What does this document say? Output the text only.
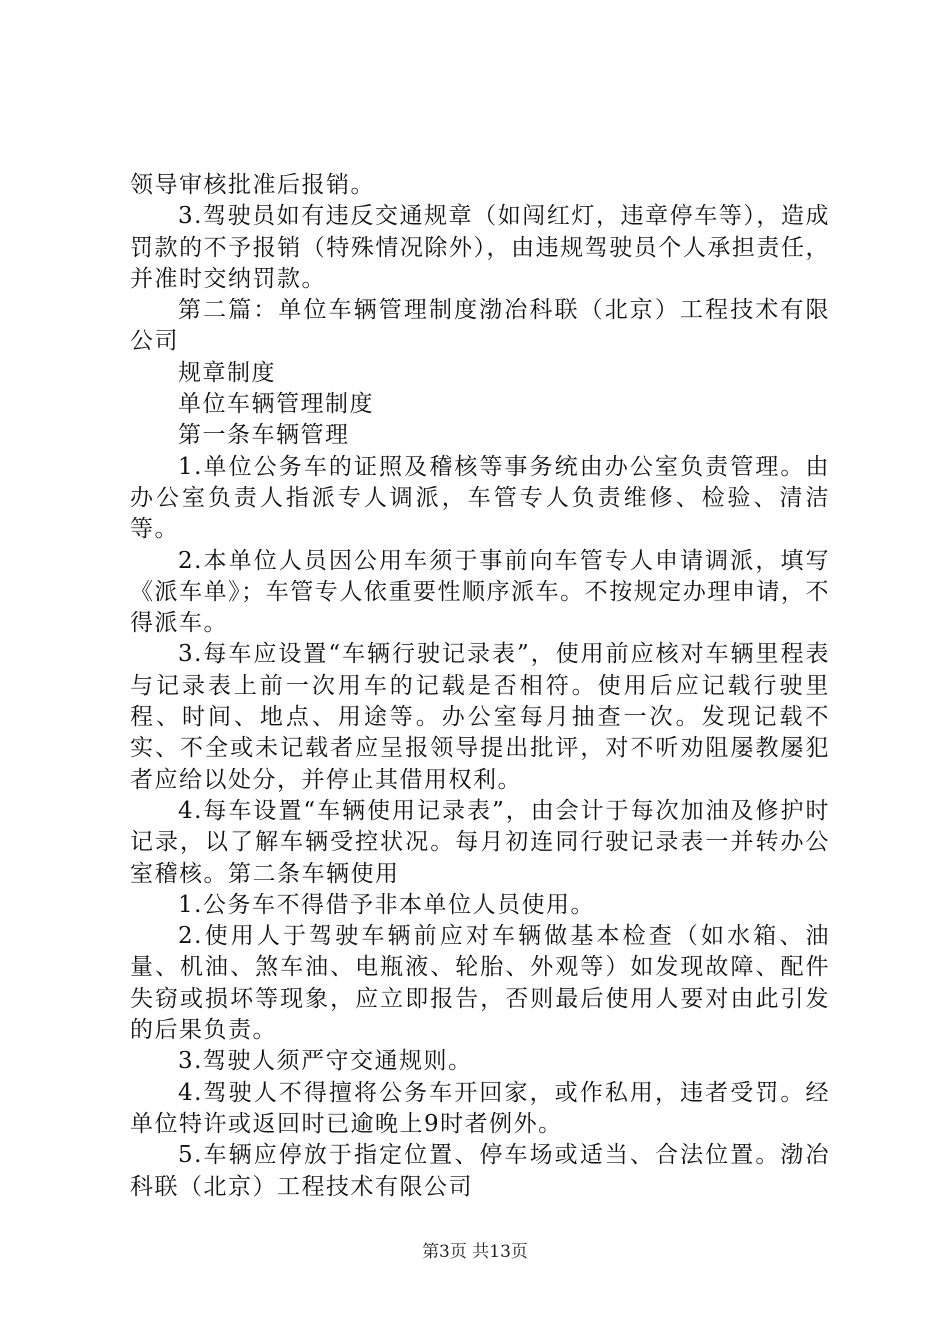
领导审核批准后报销。

3.驾驶员如有违反交通规章（如闯红灯，违章停车等），造成罚款的不予报销（特殊情况除外），由违规驾驶员个人承担责任，并准时交纳罚款。

第二篇：单位车辆管理制度渤冶科联（北京）工程技术有限公司

规章制度

单位车辆管理制度

第一条车辆管理

1.单位公务车的证照及稽核等事务统由办公室负责管理。由办公室负责人指派专人调派，车管专人负责维修、检验、清洁等。

2.本单位人员因公用车须于事前向车管专人申请调派，填写《派车单》；车管专人依重要性顺序派车。不按规定办理申请，不得派车。

3.每车应设置“车辆行驶记录表”，使用前应核对车辆里程表与记录表上前一次用车的记载是否相符。使用后应记载行驶里程、时间、地点、用途等。办公室每月抽查一次。发现记载不实、不全或未记载者应呈报领导提出批评，对不听劝阻屡教屡犯者应给以处分，并停止其借用权利。

4.每车设置“车辆使用记录表”，由会计于每次加油及修护时记录，以了解车辆受控状况。每月初连同行驶记录表一并转办公室稽核。第二条车辆使用

1.公务车不得借予非本单位人员使用。

2.使用人于驾驶车辆前应对车辆做基本检查（如水箱、油量、机油、煞车油、电瓶液、轮胎、外观等）如发现故障、配件失窃或损坏等现象，应立即报告，否则最后使用人要对由此引发的后果负责。

3.驾驶人须严守交通规则。

4.驾驶人不得擅将公务车开回家，或作私用，违者受罚。经单位特许或返回时已逾晚上9时者例外。

5.车辆应停放于指定位置、停车场或适当、合法位置。渤冶科联（北京）工程技术有限公司

第3页 共13页
